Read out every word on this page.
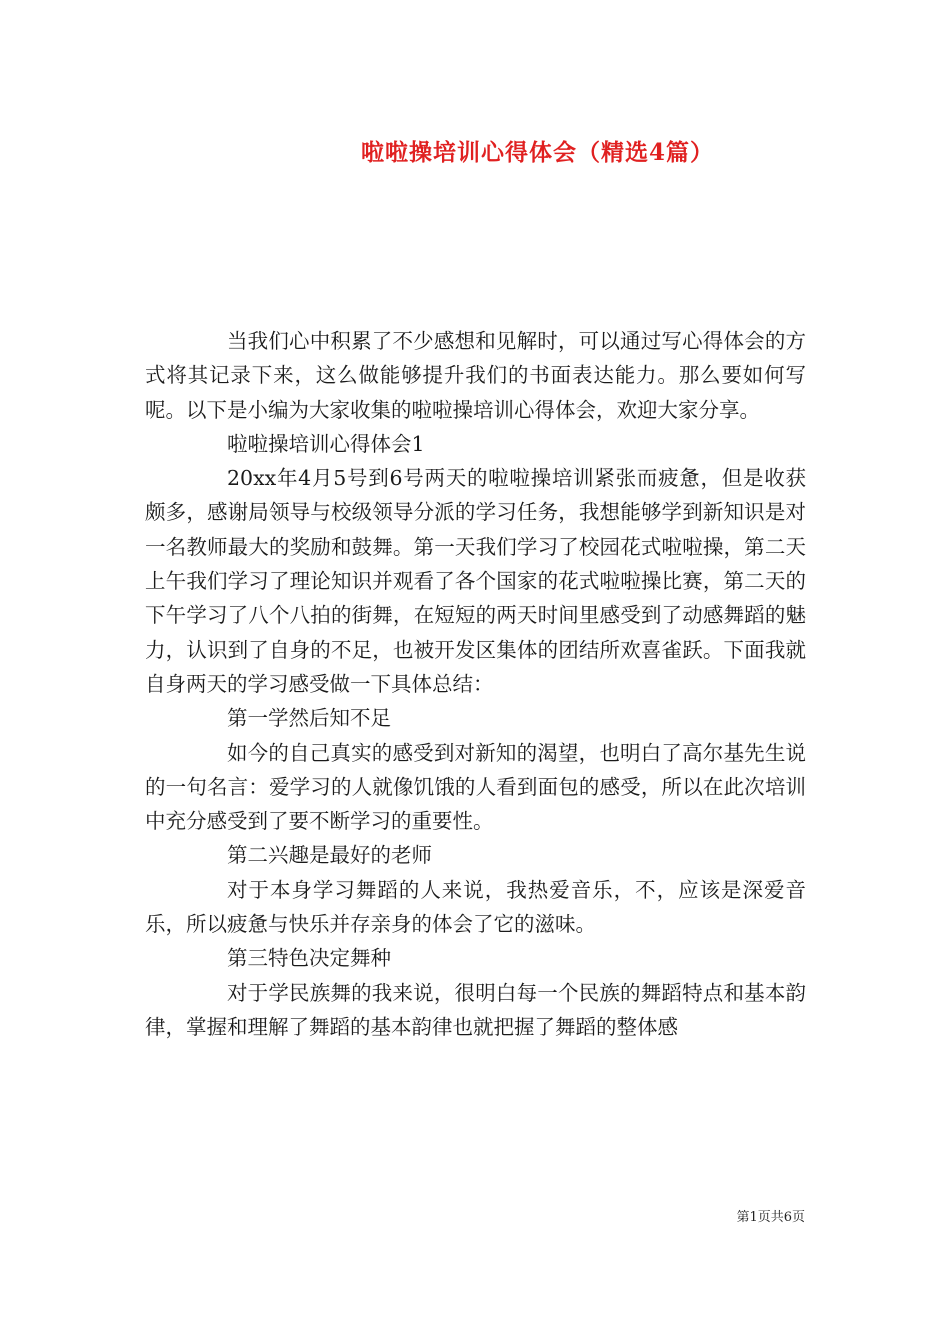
啦啦操培训心得体会（精选4篇）

当我们心中积累了不少感想和见解时，可以通过写心得体会的方式将其记录下来，这么做能够提升我们的书面表达能力。那么要如何写呢。以下是小编为大家收集的啦啦操培训心得体会，欢迎大家分享。

啦啦操培训心得体会1

20xx年4月5号到6号两天的啦啦操培训紧张而疲惫，但是收获颇多，感谢局领导与校级领导分派的学习任务，我想能够学到新知识是对一名教师最大的奖励和鼓舞。第一天我们学习了校园花式啦啦操，第二天上午我们学习了理论知识并观看了各个国家的花式啦啦操比赛，第二天的下午学习了八个八拍的街舞，在短短的两天时间里感受到了动感舞蹈的魅力，认识到了自身的不足，也被开发区集体的团结所欢喜雀跃。下面我就自身两天的学习感受做一下具体总结：

第一学然后知不足

如今的自己真实的感受到对新知的渴望，也明白了高尔基先生说的一句名言：爱学习的人就像饥饿的人看到面包的感受，所以在此次培训中充分感受到了要不断学习的重要性。

第二兴趣是最好的老师

对于本身学习舞蹈的人来说，我热爱音乐，不，应该是深爱音乐，所以疲惫与快乐并存亲身的体会了它的滋味。

第三特色决定舞种

对于学民族舞的我来说，很明白每一个民族的舞蹈特点和基本韵律，掌握和理解了舞蹈的基本韵律也就把握了舞蹈的整体感

第1页共6页
